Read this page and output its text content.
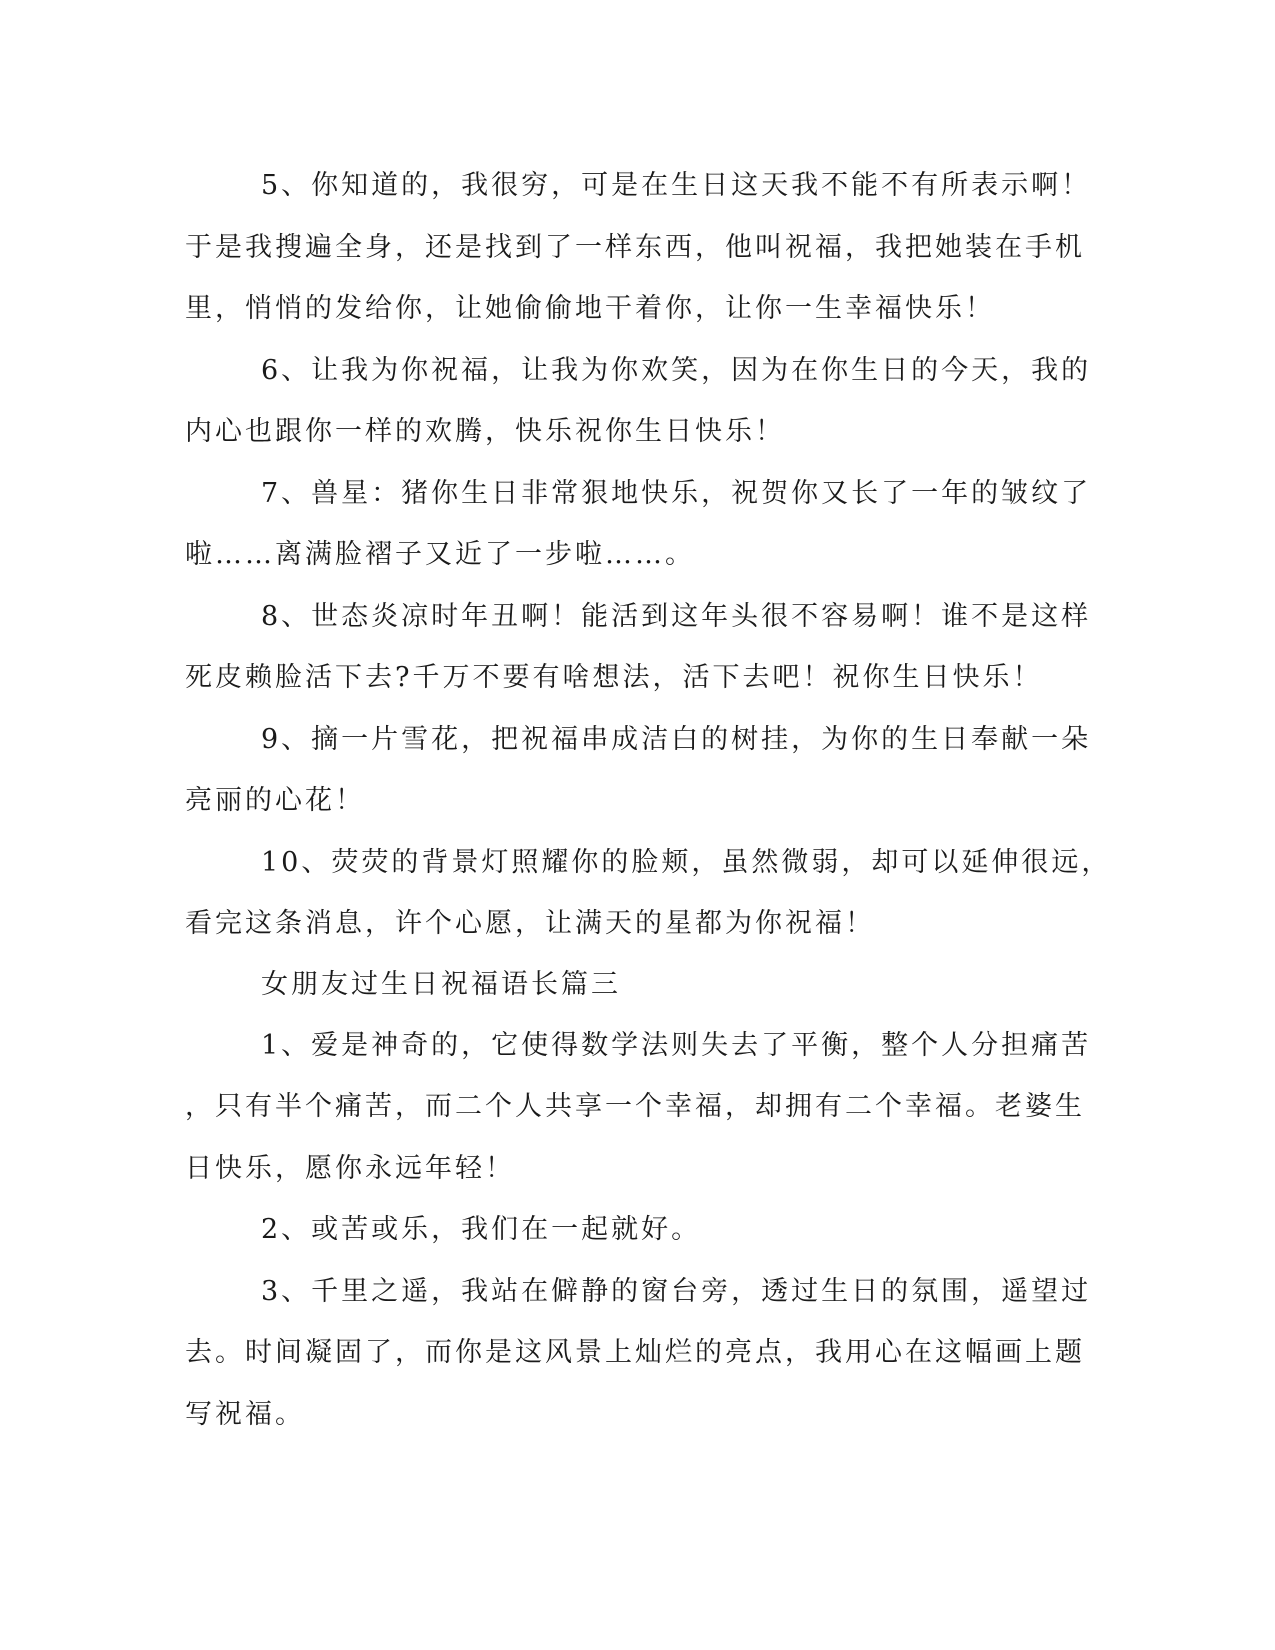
5、你知道的，我很穷，可是在生日这天我不能不有所表示啊！
于是我搜遍全身，还是找到了一样东西，他叫祝福，我把她装在手机
里，悄悄的发给你，让她偷偷地干着你，让你一生幸福快乐！
6、让我为你祝福，让我为你欢笑，因为在你生日的今天，我的
内心也跟你一样的欢腾，快乐祝你生日快乐！
7、兽星：猪你生日非常狠地快乐，祝贺你又长了一年的皱纹了
啦……离满脸褶子又近了一步啦……。
8、世态炎凉时年丑啊！能活到这年头很不容易啊！谁不是这样
死皮赖脸活下去?千万不要有啥想法，活下去吧！祝你生日快乐！
9、摘一片雪花，把祝福串成洁白的树挂，为你的生日奉献一朵
亮丽的心花！
10、荧荧的背景灯照耀你的脸颊，虽然微弱，却可以延伸很远，
看完这条消息，许个心愿，让满天的星都为你祝福！
女朋友过生日祝福语长篇三
1、爱是神奇的，它使得数学法则失去了平衡，整个人分担痛苦
，只有半个痛苦，而二个人共享一个幸福，却拥有二个幸福。老婆生
日快乐，愿你永远年轻！
2、或苦或乐，我们在一起就好。
3、千里之遥，我站在僻静的窗台旁，透过生日的氛围，遥望过
去。时间凝固了，而你是这风景上灿烂的亮点，我用心在这幅画上题
写祝福。
